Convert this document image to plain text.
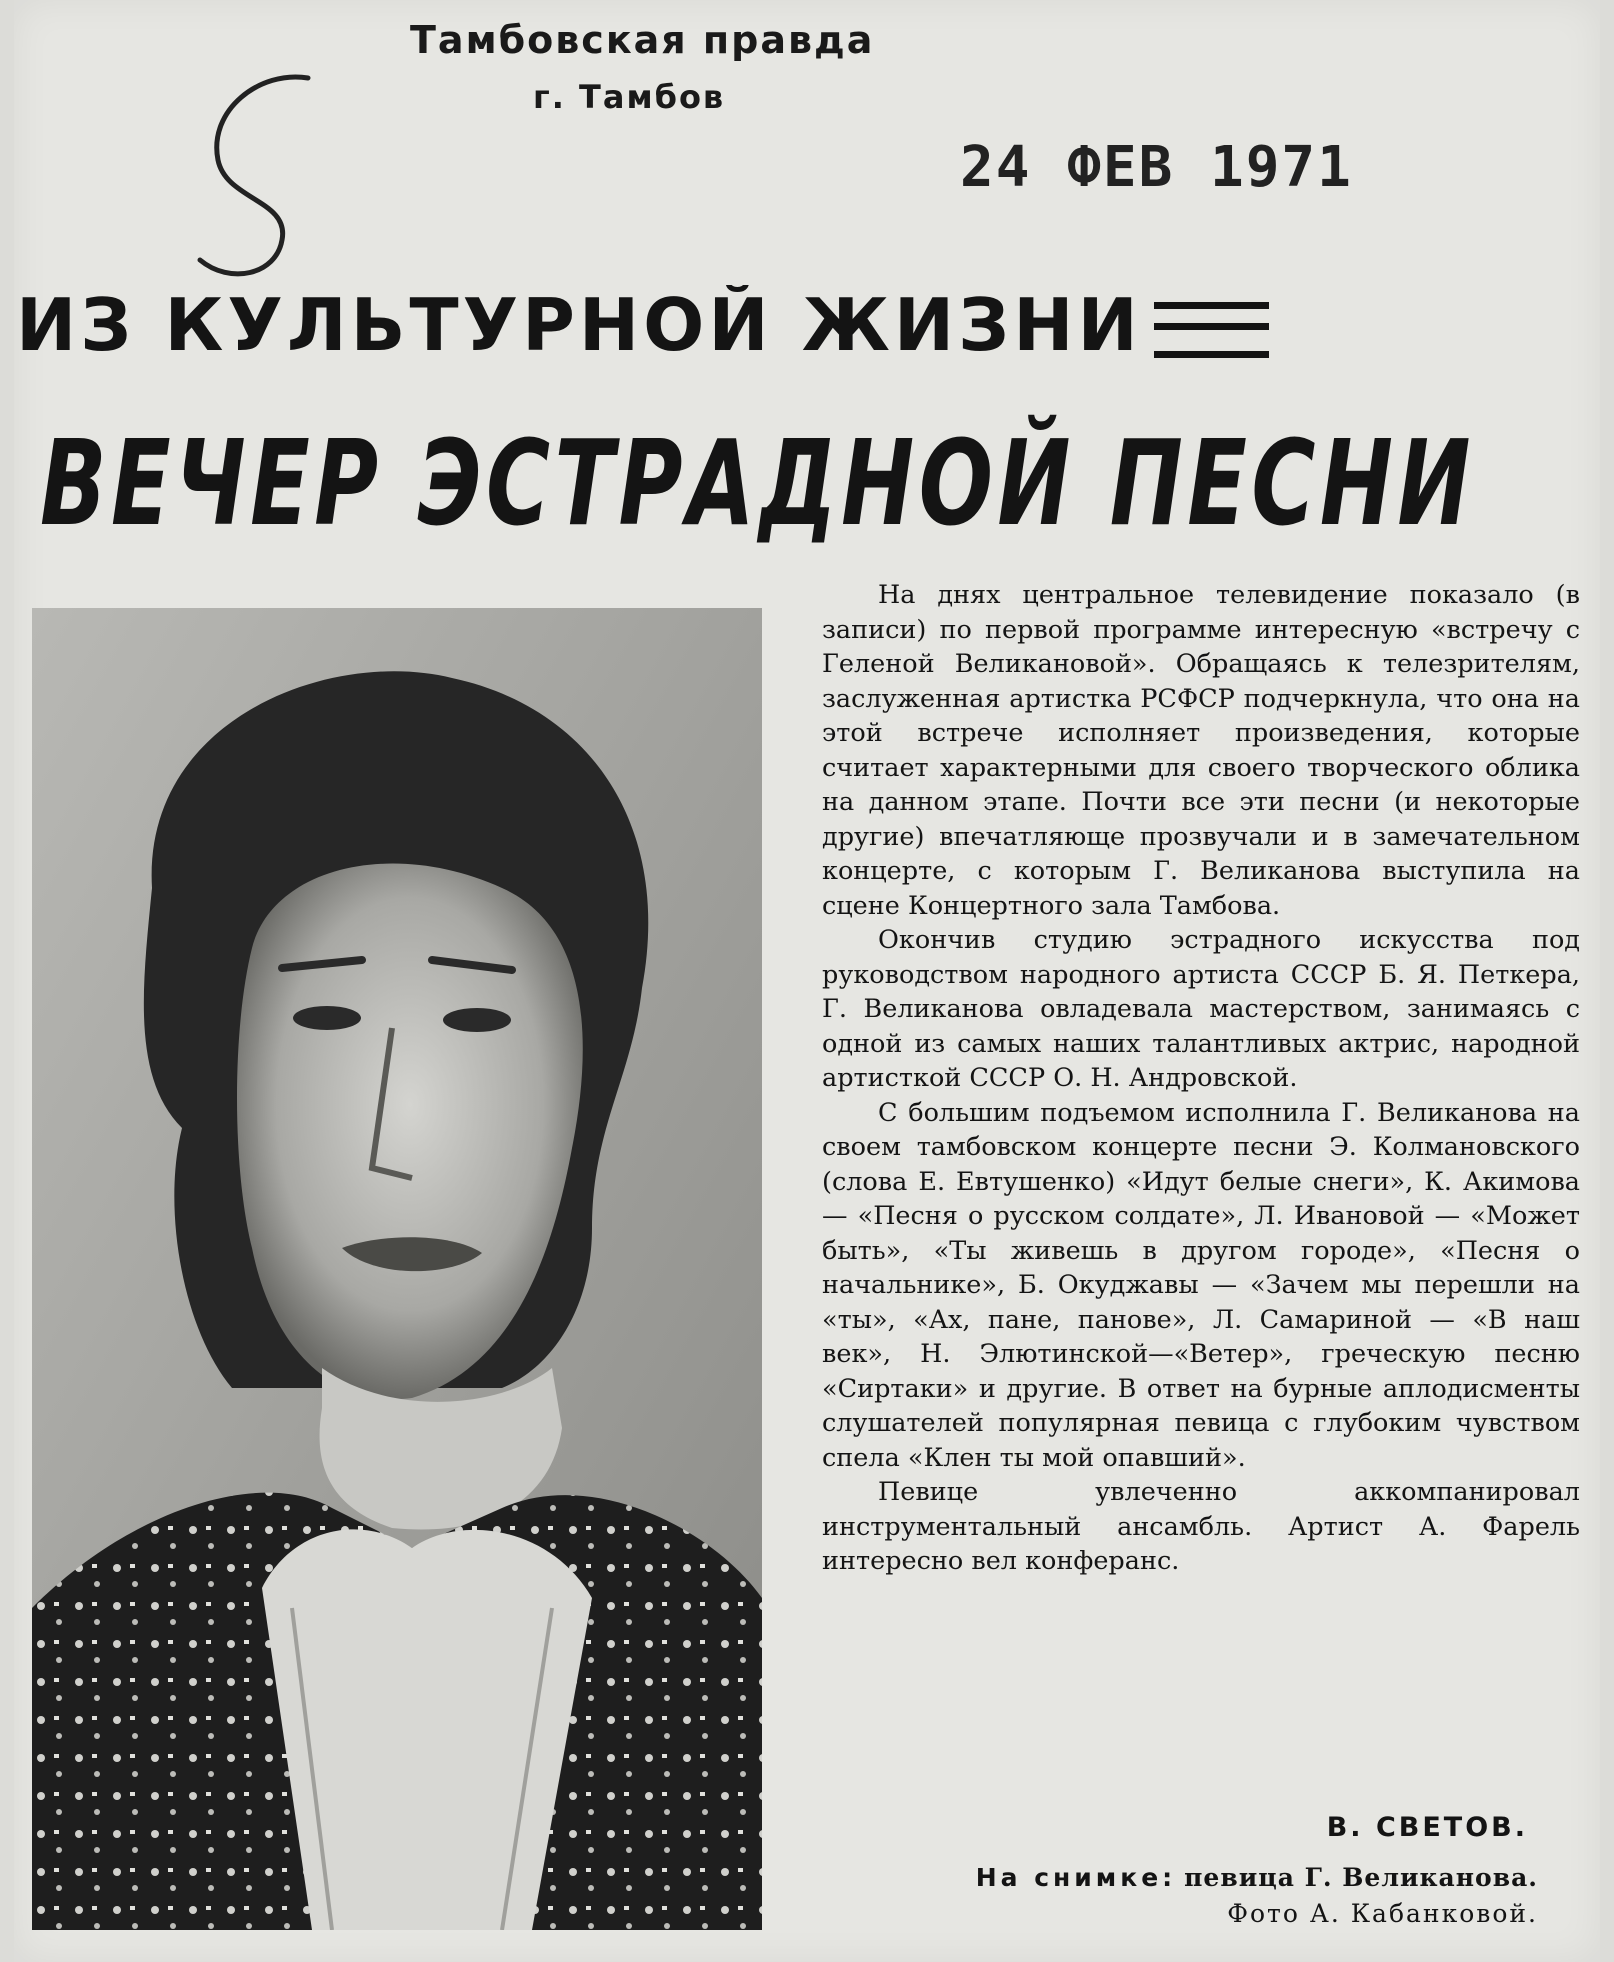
Тамбовская правда
г. Тамбов
24 ФЕВ 1971
ИЗ КУЛЬТУРНОЙ ЖИЗНИ
ВЕЧЕР ЭСТРАДНОЙ ПЕСНИ

На днях центральное телевидение показало (в записи) по первой программе интересную «встречу с Геленой Великановой». Обращаясь к телезрителям, заслуженная артистка РСФСР подчеркнула, что она на этой встрече исполняет произведения, которые считает характерными для своего творческого облика на данном этапе. Почти все эти песни (и некоторые другие) впечатляюще прозвучали и в замечательном концерте, с которым Г. Великанова выступила на сцене Концертного зала Тамбова.

Окончив студию эстрадного искусства под руководством народного артиста СССР Б. Я. Петкера, Г. Великанова овладевала мастерством, занимаясь с одной из самых наших талантливых актрис, народной артисткой СССР О. Н. Андровской.

С большим подъемом исполнила Г. Великанова на своем тамбовском концерте песни Э. Колмановского (слова Е. Евтушенко) «Идут белые снеги», К. Акимова — «Песня о русском солдате», Л. Ивановой — «Может быть», «Ты живешь в другом городе», «Песня о начальнике», Б. Окуджавы — «Зачем мы перешли на «ты», «Ах, пане, панове», Л. Самариной — «В наш век», Н. Элютинской—«Ветер», греческую песню «Сиртаки» и другие. В ответ на бурные аплодисменты слушателей популярная певица с глубоким чувством спела «Клен ты мой опавший».

Певице увлеченно аккомпанировал инструментальный ансамбль. Артист А. Фарель интересно вел конферанс.

В. СВЕТОВ.
На снимке: певица Г. Великанова.
Фото А. Кабанковой.
